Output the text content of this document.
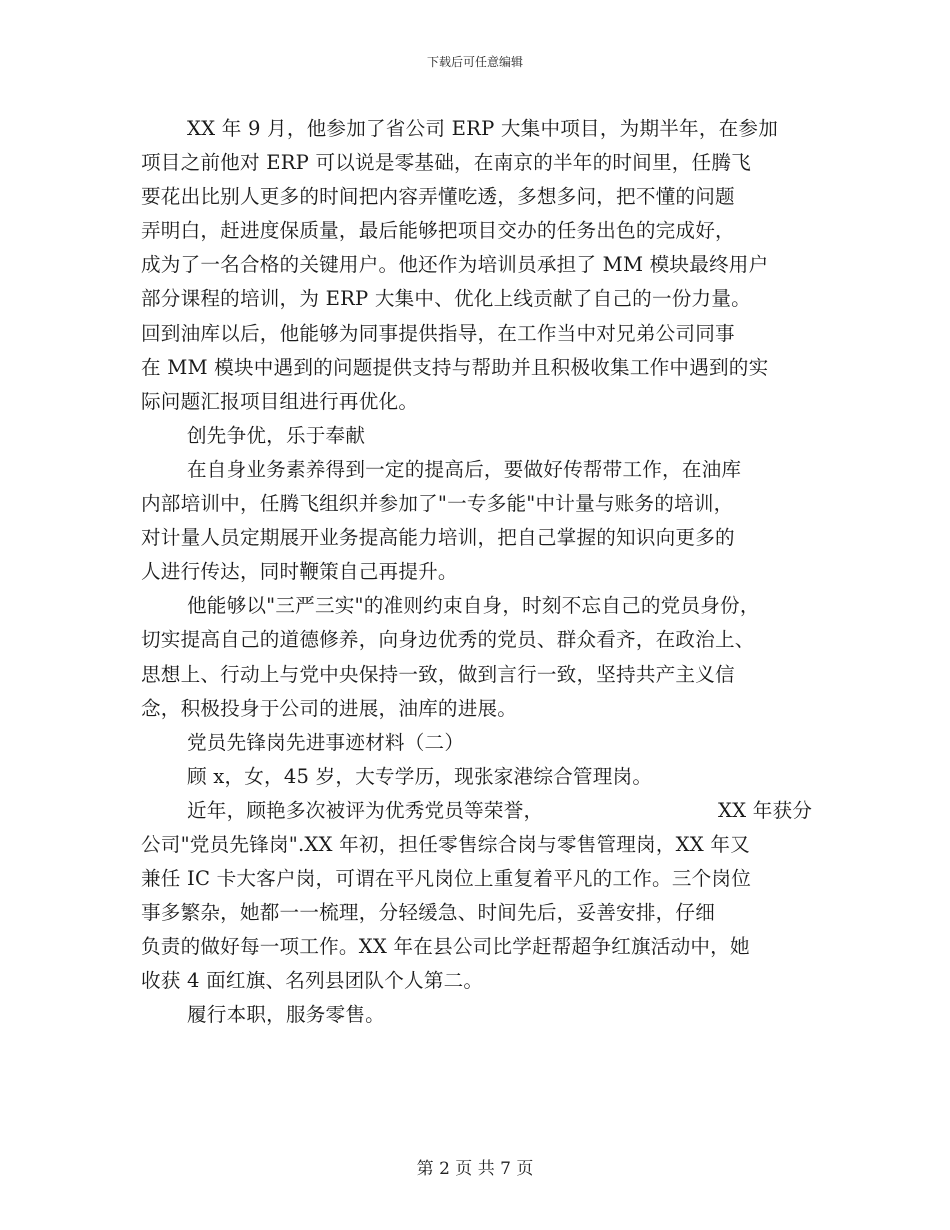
下载后可任意编辑
XX 年 9 月，他参加了省公司 ERP 大集中项目，为期半年，在参加
项目之前他对 ERP 可以说是零基础，在南京的半年的时间里，任腾飞
要花出比别人更多的时间把内容弄懂吃透，多想多问，把不懂的问题
弄明白，赶进度保质量，最后能够把项目交办的任务出色的完成好，
成为了一名合格的关键用户。他还作为培训员承担了 MM 模块最终用户
部分课程的培训，为 ERP 大集中、优化上线贡献了自己的一份力量。
回到油库以后，他能够为同事提供指导，在工作当中对兄弟公司同事
在 MM 模块中遇到的问题提供支持与帮助并且积极收集工作中遇到的实
际问题汇报项目组进行再优化。
创先争优，乐于奉献
在自身业务素养得到一定的提高后，要做好传帮带工作，在油库
内部培训中，任腾飞组织并参加了"一专多能"中计量与账务的培训，
对计量人员定期展开业务提高能力培训，把自己掌握的知识向更多的
人进行传达，同时鞭策自己再提升。
他能够以"三严三实"的准则约束自身，时刻不忘自己的党员身份，
切实提高自己的道德修养，向身边优秀的党员、群众看齐，在政治上、
思想上、行动上与党中央保持一致，做到言行一致，坚持共产主义信
念，积极投身于公司的进展，油库的进展。
党员先锋岗先进事迹材料（二）
顾 x，女，45 岁，大专学历，现张家港综合管理岗。
近年，顾艳多次被评为优秀党员等荣誉，	XX 年获分
公司"党员先锋岗".XX 年初，担任零售综合岗与零售管理岗，XX 年又
兼任 IC 卡大客户岗，可谓在平凡岗位上重复着平凡的工作。三个岗位
事多繁杂，她都一一梳理，分轻缓急、时间先后，妥善安排，仔细
负责的做好每一项工作。XX 年在县公司比学赶帮超争红旗活动中，她
收获 4 面红旗、名列县团队个人第二。
履行本职，服务零售。
第 2 页 共 7 页
